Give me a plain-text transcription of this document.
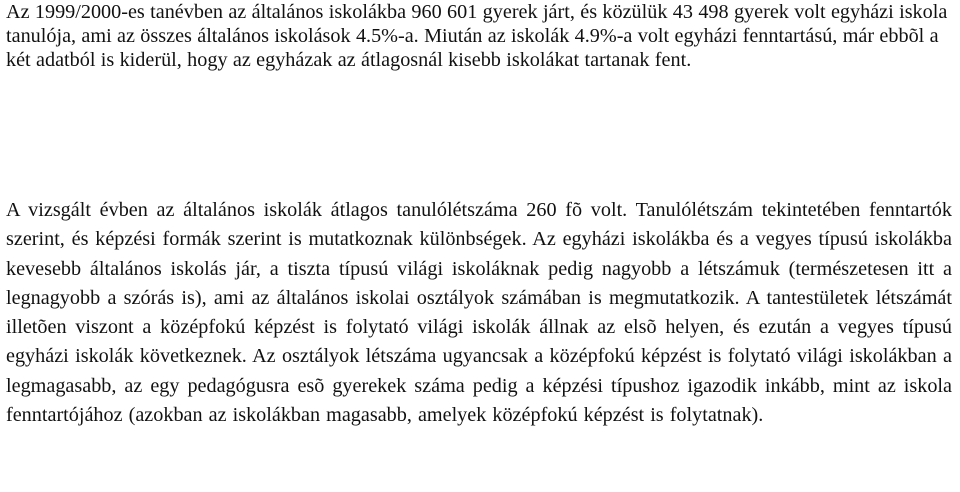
Az 1999/2000-es tanévben az általános iskolákba 960 601 gyerek járt, és közülük 43 498 gyerek volt egyházi iskola tanulója, ami az összes általános iskolások 4.5%-a. Miután az iskolák 4.9%-a volt egyházi fenntartású, már ebbõl a két adatból is kiderül, hogy az egyházak az átlagosnál kisebb iskolákat tartanak fent.

A vizsgált évben az általános iskolák átlagos tanulólétszáma 260 fõ volt. Tanulólétszám tekintetében fenntartók szerint, és képzési formák szerint is mutatkoznak különbségek. Az egyházi iskolákba és a vegyes típusú iskolákba kevesebb általános iskolás jár, a tiszta típusú világi iskoláknak pedig nagyobb a létszámuk (természetesen itt a legnagyobb a szórás is), ami az általános iskolai osztályok számában is megmutatkozik. A tantestületek létszámát illetõen viszont a középfokú képzést is folytató világi iskolák állnak az elsõ helyen, és ezután a vegyes típusú egyházi iskolák következnek. Az osztályok létszáma ugyancsak a középfokú képzést is folytató világi iskolákban a legmagasabb, az egy pedagógusra esõ gyerekek száma pedig a képzési típushoz igazodik inkább, mint az iskola fenntartójához (azokban az iskolákban magasabb, amelyek középfokú képzést is folytatnak).
